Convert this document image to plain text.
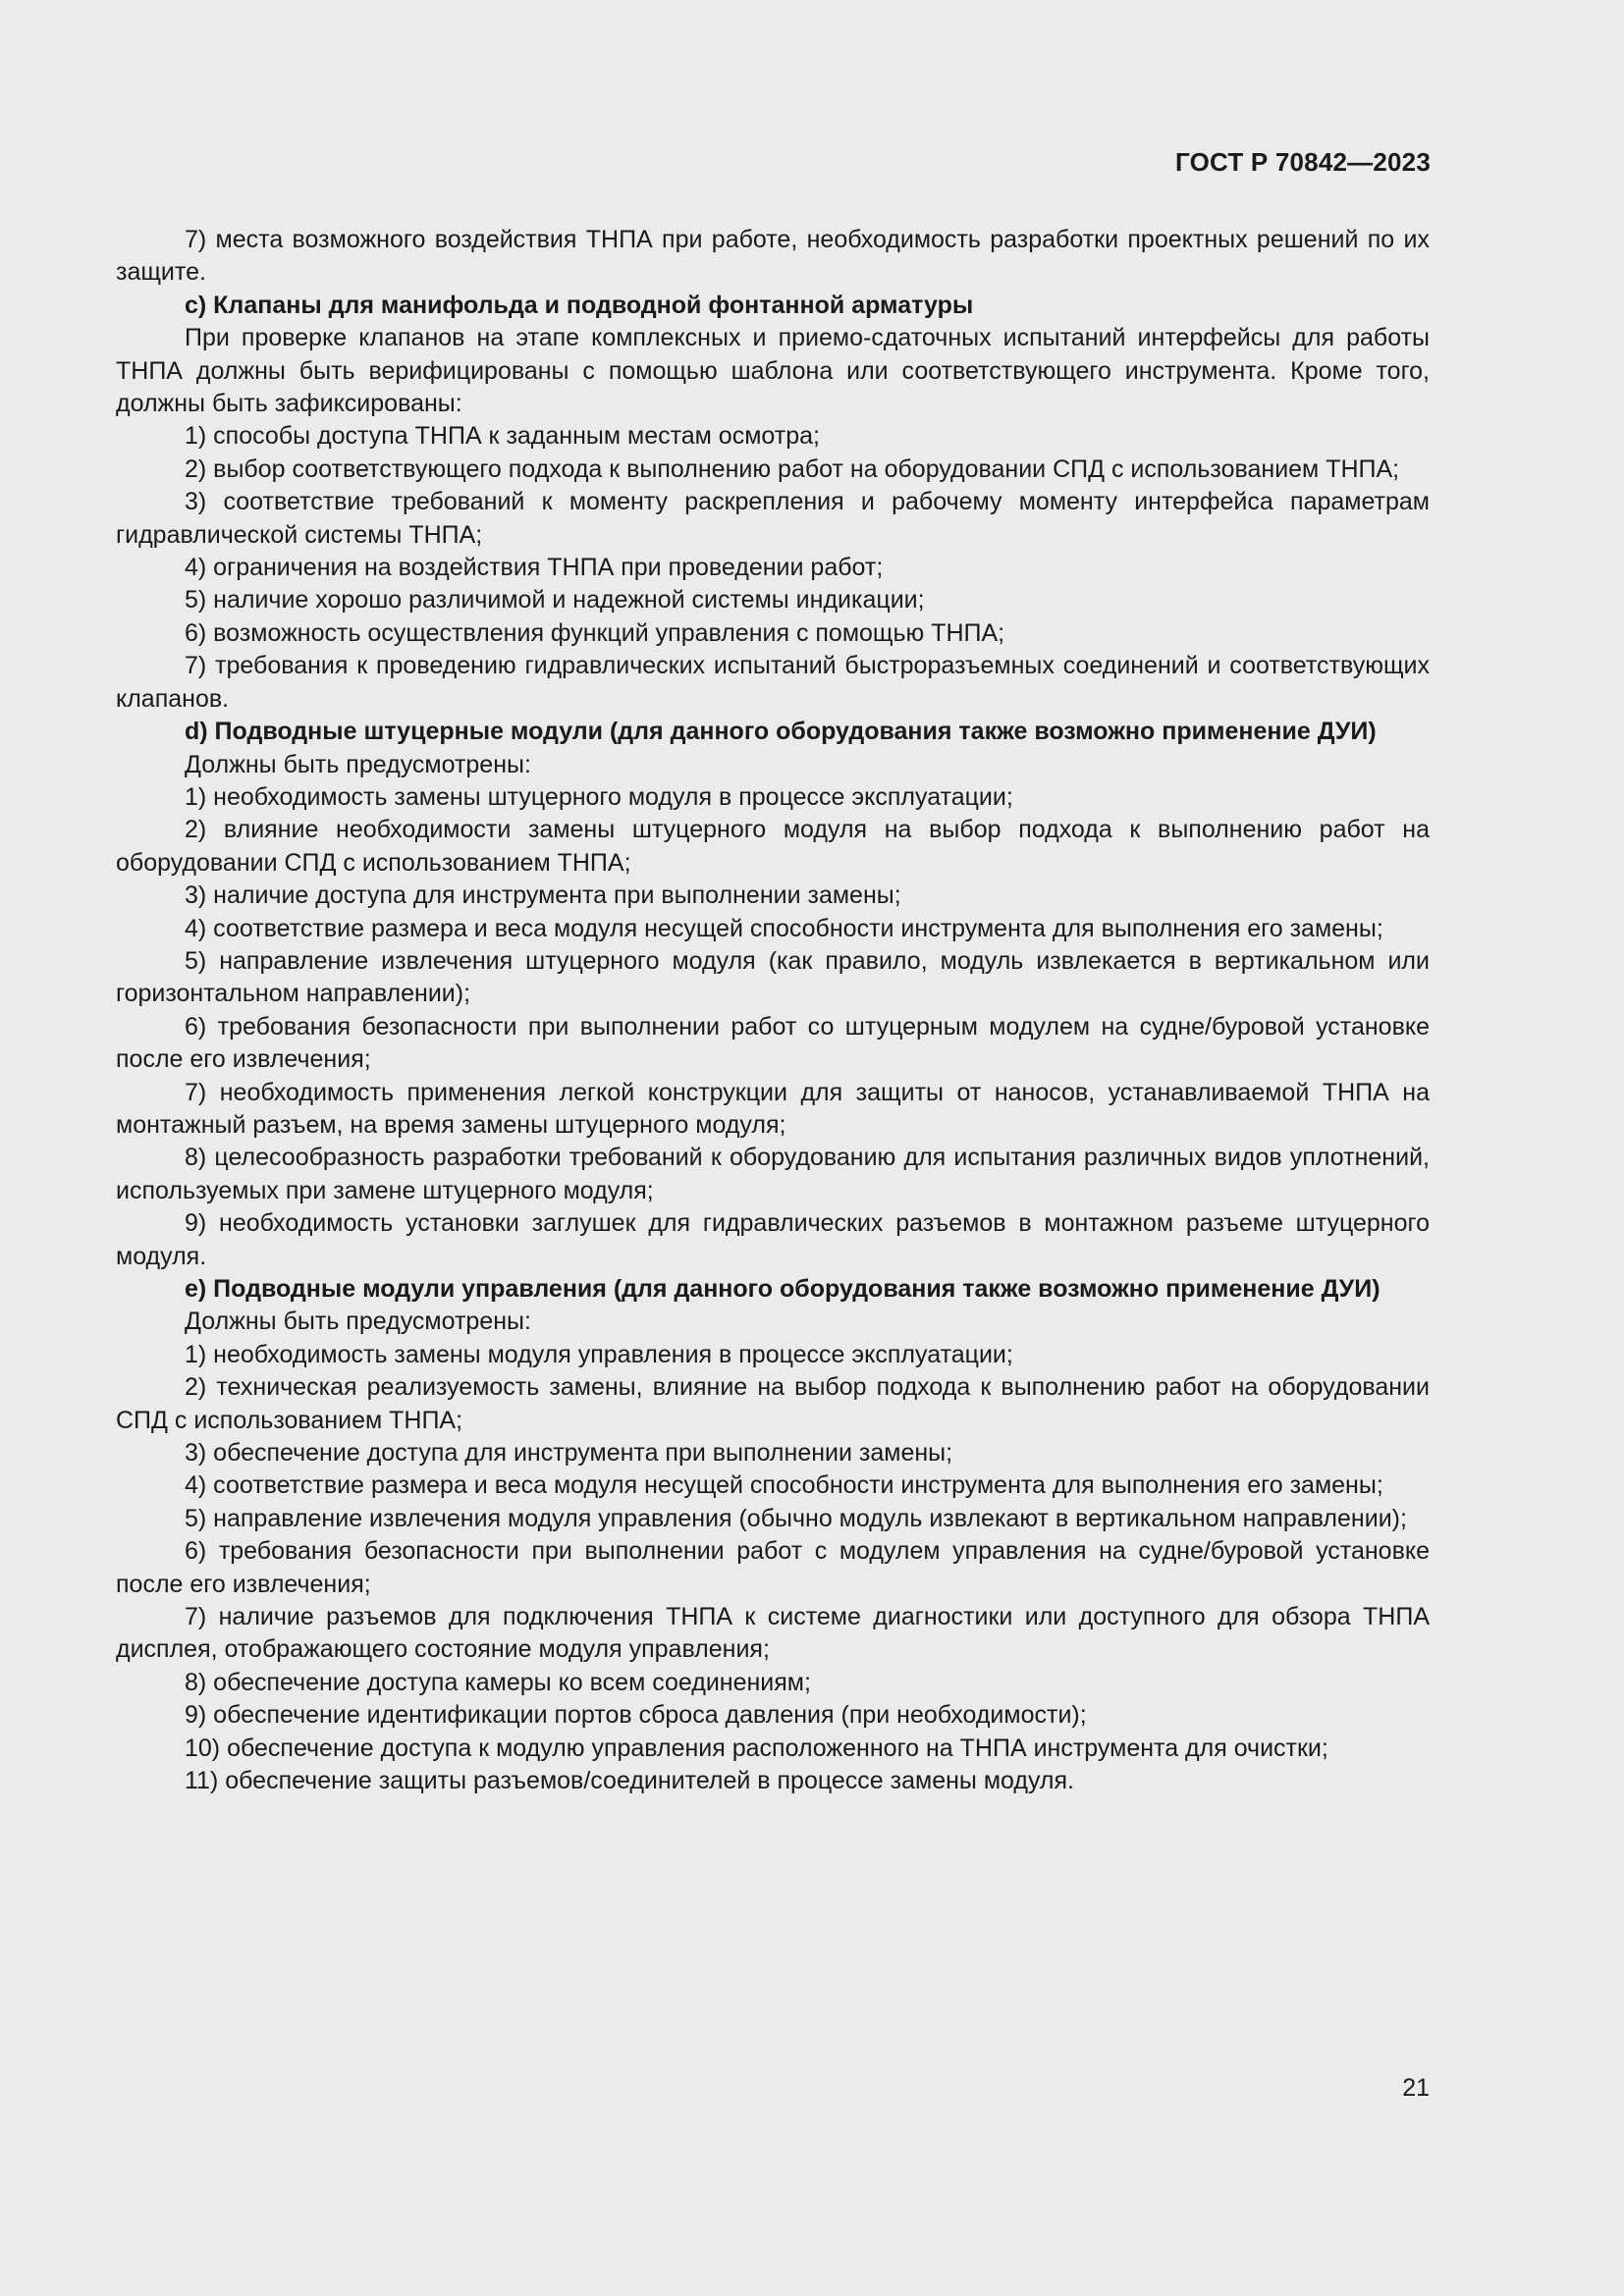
ГОСТ Р 70842—2023

7) места возможного воздействия ТНПА при работе, необходимость разработки проектных решений по их защите.

c) Клапаны для манифольда и подводной фонтанной арматуры

При проверке клапанов на этапе комплексных и приемо-сдаточных испытаний интерфейсы для работы ТНПА должны быть верифицированы с помощью шаблона или соответствующего инструмента. Кроме того, должны быть зафиксированы:

1) способы доступа ТНПА к заданным местам осмотра;

2) выбор соответствующего подхода к выполнению работ на оборудовании СПД с использованием ТНПА;

3) соответствие требований к моменту раскрепления и рабочему моменту интерфейса параметрам гидравлической системы ТНПА;

4) ограничения на воздействия ТНПА при проведении работ;

5) наличие хорошо различимой и надежной системы индикации;

6) возможность осуществления функций управления с помощью ТНПА;

7) требования к проведению гидравлических испытаний быстроразъемных соединений и соответствующих клапанов.

d) Подводные штуцерные модули (для данного оборудования также возможно применение ДУИ)

Должны быть предусмотрены:

1) необходимость замены штуцерного модуля в процессе эксплуатации;

2) влияние необходимости замены штуцерного модуля на выбор подхода к выполнению работ на оборудовании СПД с использованием ТНПА;

3) наличие доступа для инструмента при выполнении замены;

4) соответствие размера и веса модуля несущей способности инструмента для выполнения его замены;

5) направление извлечения штуцерного модуля (как правило, модуль извлекается в вертикальном или горизонтальном направлении);

6) требования безопасности при выполнении работ со штуцерным модулем на судне/буровой установке после его извлечения;

7) необходимость применения легкой конструкции для защиты от наносов, устанавливаемой ТНПА на монтажный разъем, на время замены штуцерного модуля;

8) целесообразность разработки требований к оборудованию для испытания различных видов уплотнений, используемых при замене штуцерного модуля;

9) необходимость установки заглушек для гидравлических разъемов в монтажном разъеме штуцерного модуля.

e) Подводные модули управления (для данного оборудования также возможно применение ДУИ)

Должны быть предусмотрены:

1) необходимость замены модуля управления в процессе эксплуатации;

2) техническая реализуемость замены, влияние на выбор подхода к выполнению работ на оборудовании СПД с использованием ТНПА;

3) обеспечение доступа для инструмента при выполнении замены;

4) соответствие размера и веса модуля несущей способности инструмента для выполнения его замены;

5) направление извлечения модуля управления (обычно модуль извлекают в вертикальном направлении);

6) требования безопасности при выполнении работ с модулем управления на судне/буровой установке после его извлечения;

7) наличие разъемов для подключения ТНПА к системе диагностики или доступного для обзора ТНПА дисплея, отображающего состояние модуля управления;

8) обеспечение доступа камеры ко всем соединениям;

9) обеспечение идентификации портов сброса давления (при необходимости);

10) обеспечение доступа к модулю управления расположенного на ТНПА инструмента для очистки;

11) обеспечение защиты разъемов/соединителей в процессе замены модуля.

21
